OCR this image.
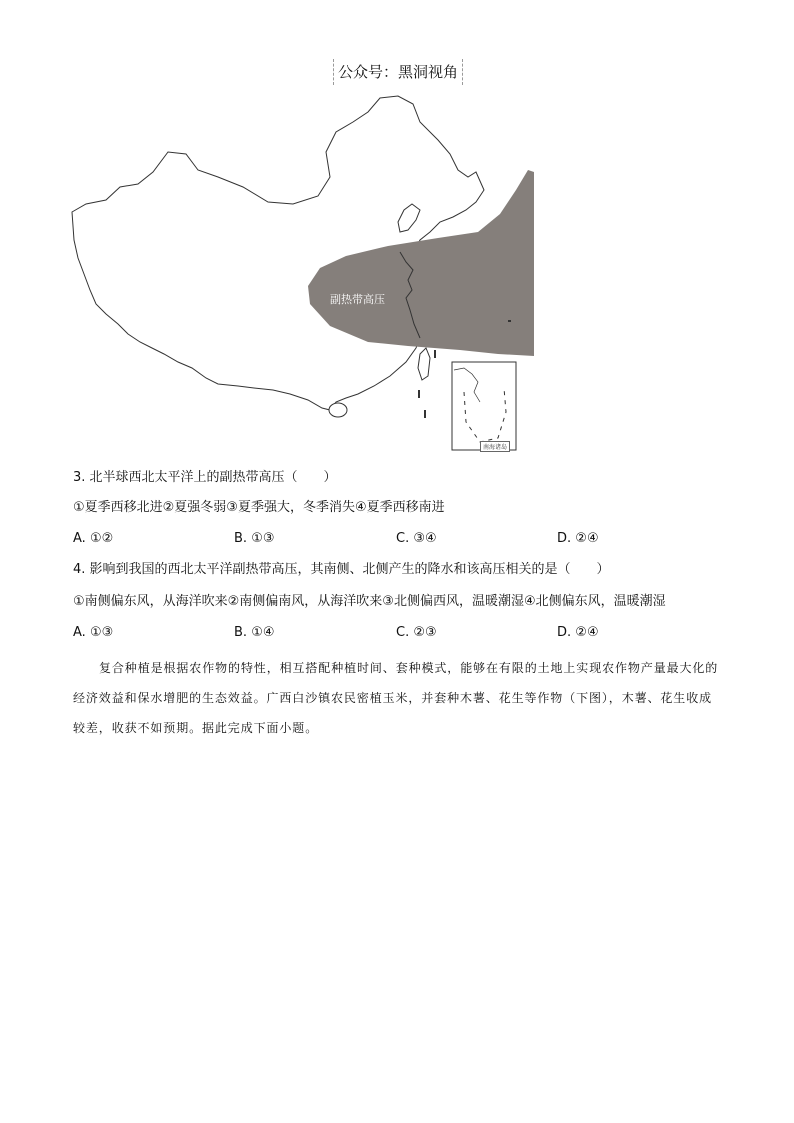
公众号：黑洞视角
副热带高压
南海诸岛
3. 北半球西北太平洋上的副热带高压（　　）
①夏季西移北进②夏强冬弱③夏季强大，冬季消失④夏季西移南进
A. ①②	B. ①③	C. ③④	D. ②④
4. 影响到我国的西北太平洋副热带高压，其南侧、北侧产生的降水和该高压相关的是（　　）
①南侧偏东风，从海洋吹来②南侧偏南风，从海洋吹来③北侧偏西风，温暖潮湿④北侧偏东风，温暖潮湿
A. ①③	B. ①④	C. ②③	D. ②④
复合种植是根据农作物的特性，相互搭配种植时间、套种模式，能够在有限的土地上实现农作物产量最大化的经济效益和保水增肥的生态效益。广西白沙镇农民密植玉米，并套种木薯、花生等作物（下图），木薯、花生收成较差，收获不如预期。据此完成下面小题。
